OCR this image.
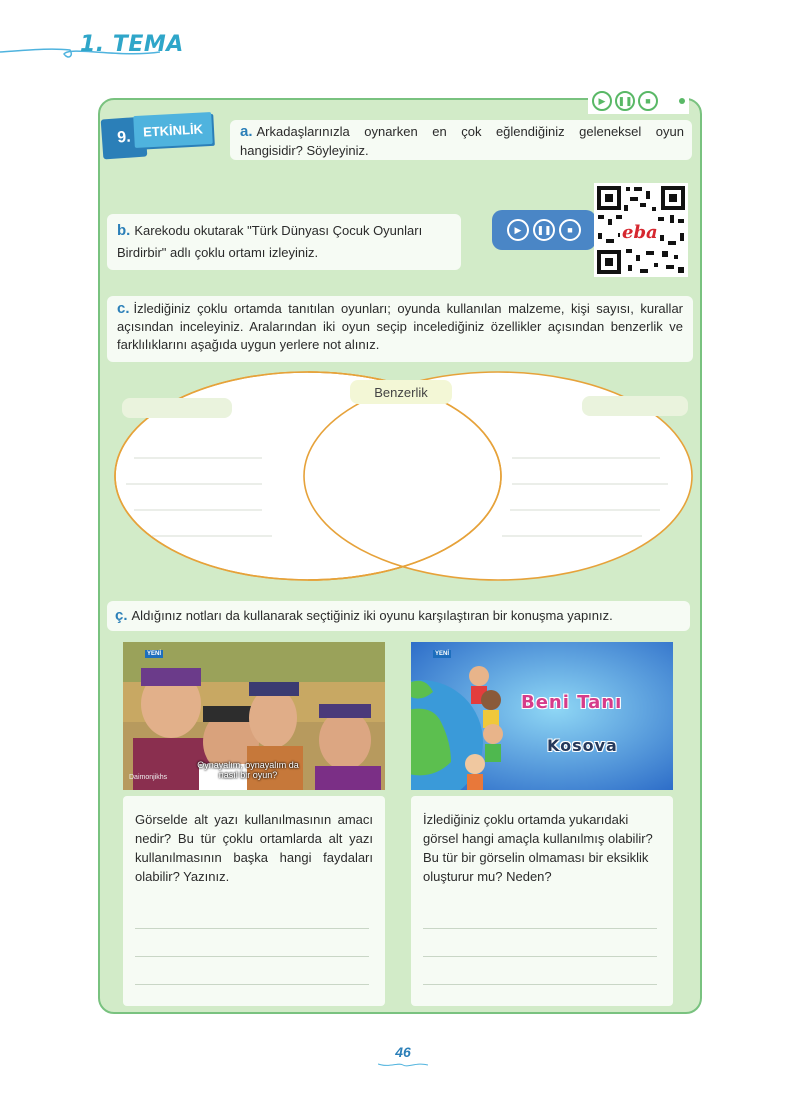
1. TEMA
▶	❚❚	■
9. ETKİNLİK	a. Arkadaşlarınızla oynarken en çok eğlendiğiniz geleneksel oyun hangisidir? Söyleyiniz.
b. Karekodu okutarak "Türk Dünyası Çocuk Oyunları Birdirbir" adlı çoklu ortamı izleyiniz.
▶	❚❚	■	eba
c. İzlediğiniz çoklu ortamda tanıtılan oyunları; oyunda kullanılan malzeme, kişi sayısı, kurallar açısından inceleyiniz. Aralarından iki oyun seçip incelediğiniz özellikler açısından benzerlik ve farklılıklarını aşağıda uygun yerlere not alınız.
Benzerlik
ç. Aldığınız notları da kullanarak seçtiğiniz iki oyunu karşılaştıran bir konuşma yapınız.
YENİ
Oynayalım, oynayalım da nasıl bir oyun?
Daimonjikhs
YENİ
Beni Tanı
Kosova
Görselde alt yazı kullanılmasının amacı nedir? Bu tür çoklu ortamlarda alt yazı kullanılmasının başka hangi faydaları olabilir? Yazınız.
İzlediğiniz çoklu ortamda yukarıdaki görsel hangi amaçla kullanılmış olabilir? Bu tür bir görselin olmaması bir eksiklik oluşturur mu? Neden?
46
